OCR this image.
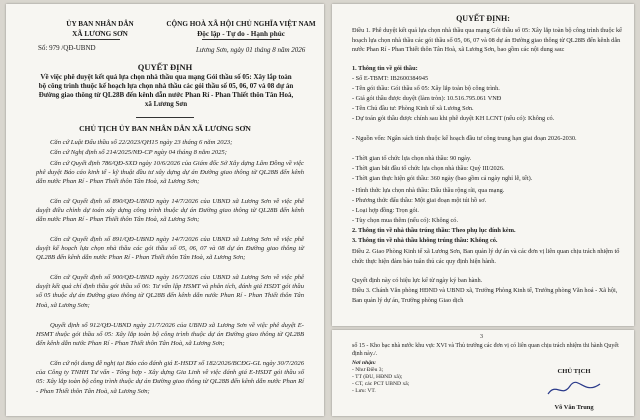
ỦY BAN NHÂN DÂN
XÃ LƯƠNG SƠN
CỘNG HOÀ XÃ HỘI CHỦ NGHĨA VIỆT NAM
Độc lập - Tự do - Hạnh phúc
Số: 979 /QĐ-UBND	Lương Sơn, ngày 01 tháng 8 năm 2026
QUYẾT ĐỊNH
Về việc phê duyệt kết quả lựa chọn nhà thầu qua mạng Gói thầu số 05: Xây lắp toàn bộ công trình thuộc kế hoạch lựa chọn nhà thầu các gói thầu số 05, 06, 07 và 08 dự án Đường giao thông từ QL28B đến kênh dẫn nước Phan Rí - Phan Thiết thôn Tân Hoà, xã Lương Sơn
CHỦ TỊCH ỦY BAN NHÂN DÂN XÃ LƯƠNG SƠN
Căn cứ Luật Đấu thầu số 22/2023/QH15 ngày 23 tháng 6 năm 2023;
Căn cứ Nghị định số 214/2025/NĐ-CP ngày 04 tháng 8 năm 2025;
Căn cứ Quyết định 786/QĐ-SXD ngày 10/6/2026 của Giám đốc Sở Xây dựng Lâm Đồng về việc phê duyệt Báo cáo kinh tế - kỹ thuật đầu tư xây dựng dự án Đường giao thông từ QL28B đến kênh dẫn nước Phan Rí - Phan Thiết thôn Tân Hoà, xã Lương Sơn;
Căn cứ Quyết định số 890/QĐ-UBND ngày 14/7/2026 của UBND xã Lương Sơn về việc phê duyệt điều chỉnh dự toán xây dựng công trình thuộc dự án Đường giao thông từ QL28B đến kênh dẫn nước Phan Rí - Phan Thiết thôn Tân Hoà, xã Lương Sơn;
Căn cứ Quyết định số 891/QĐ-UBND ngày 14/7/2026 của UBND xã Lương Sơn về việc phê duyệt kế hoạch lựa chọn nhà thầu các gói thầu số 05, 06, 07 và 08 dự án Đường giao thông từ QL28B đến kênh dẫn nước Phan Rí - Phan Thiết thôn Tân Hoà, xã Lương Sơn;
Căn cứ Quyết định số 900/QĐ-UBND ngày 16/7/2026 của UBND xã Lương Sơn về việc phê duyệt kết quả chỉ định thầu gói thầu số 06: Tư vấn lập HSMT và phân tích, đánh giá HSDT gói thầu số 05 thuộc dự án Đường giao thông từ QL28B đến kênh dẫn nước Phan Rí - Phan Thiết thôn Tân Hoà, xã Lương Sơn;
Quyết định số 912/QĐ-UBND ngày 21/7/2026 của UBND xã Lương Sơn về việc phê duyệt E-HSMT thuộc gói thầu số 05: Xây lắp toàn bộ công trình thuộc dự án Đường giao thông từ QL28B đến kênh dẫn nước Phan Rí - Phan Thiết thôn Tân Hoà, xã Lương Sơn;
Căn cứ nội dung đề nghị tại Báo cáo đánh giá E-HSDT số 182/2026/BCĐG-GL ngày 30/7/2026 của Công ty TNHH Tư vấn - Tổng hợp - Xây dựng Gia Linh về việc đánh giá E-HSDT gói thầu số 05: Xây lắp toàn bộ công trình thuộc dự án Đường giao thông từ QL28B đến kênh dẫn nước Phan Rí - Phan Thiết thôn Tân Hoà, xã Lương Sơn;
QUYẾT ĐỊNH:
Điều 1. Phê duyệt kết quả lựa chọn nhà thầu qua mạng Gói thầu số 05: Xây lắp toàn bộ công trình thuộc kế hoạch lựa chọn nhà thầu các gói thầu số 05, 06, 07 và 08 dự án Đường giao thông từ QL28B đến kênh dẫn nước Phan Rí - Phan Thiết thôn Tân Hoà, xã Lương Sơn, bao gồm các nội dung sau:
1. Thông tin về gói thầu:
- Số E-TBMT: IB2600384945
- Tên gói thầu: Gói thầu số 05: Xây lắp toàn bộ công trình.
- Giá gói thầu được duyệt (làm tròn): 10.516.795.061 VNĐ
- Tên Chủ đầu tư: Phòng Kinh tế xã Lương Sơn.
- Dự toán gói thầu được chính sau khi phê duyệt KH LCNT (nếu có): Không có.
- Nguồn vốn: Ngân sách tỉnh thuộc kế hoạch đầu tư công trung hạn giai đoạn 2026-2030.
- Thời gian tổ chức lựa chọn nhà thầu: 90 ngày.
- Thời gian bắt đầu tổ chức lựa chọn nhà thầu: Quý III/2026.
- Thời gian thực hiện gói thầu: 360 ngày (bao gồm cả ngày nghỉ lễ, tết).
- Hình thức lựa chọn nhà thầu: Đấu thầu rộng rãi, qua mạng.
- Phương thức đấu thầu: Một giai đoạn một túi hồ sơ.
- Loại hợp đồng: Trọn gói.
- Tùy chọn mua thêm (nếu có): Không có.
2. Thông tin về nhà thầu trúng thầu: Theo phụ lục đính kèm.
3. Thông tin về nhà thầu không trúng thầu: Không có.
Điều 2. Giao Phòng Kinh tế xã Lương Sơn, Ban quản lý dự án và các đơn vị liên quan chịu trách nhiệm tổ chức thực hiện đảm bảo tuân thủ các quy định hiện hành.
Quyết định này có hiệu lực kể từ ngày ký ban hành.
Điều 3. Chánh Văn phòng HĐND và UBND xã, Trưởng Phòng Kinh tế, Trưởng phòng Văn hoá - Xã hội, Ban quản lý dự án, Trưởng phòng Giao dịch
3
số 15 - Kho bạc nhà nước khu vực XVI và Thủ trưởng các đơn vị có liên quan chịu trách nhiệm thi hành Quyết định này./.
Nơi nhận:
- Như Điều 3;
- TT (ĐU, HĐND xã);
- CT, các PCT UBND xã;
- Lưu: VT.
CHỦ TỊCH
Võ Văn Trung
